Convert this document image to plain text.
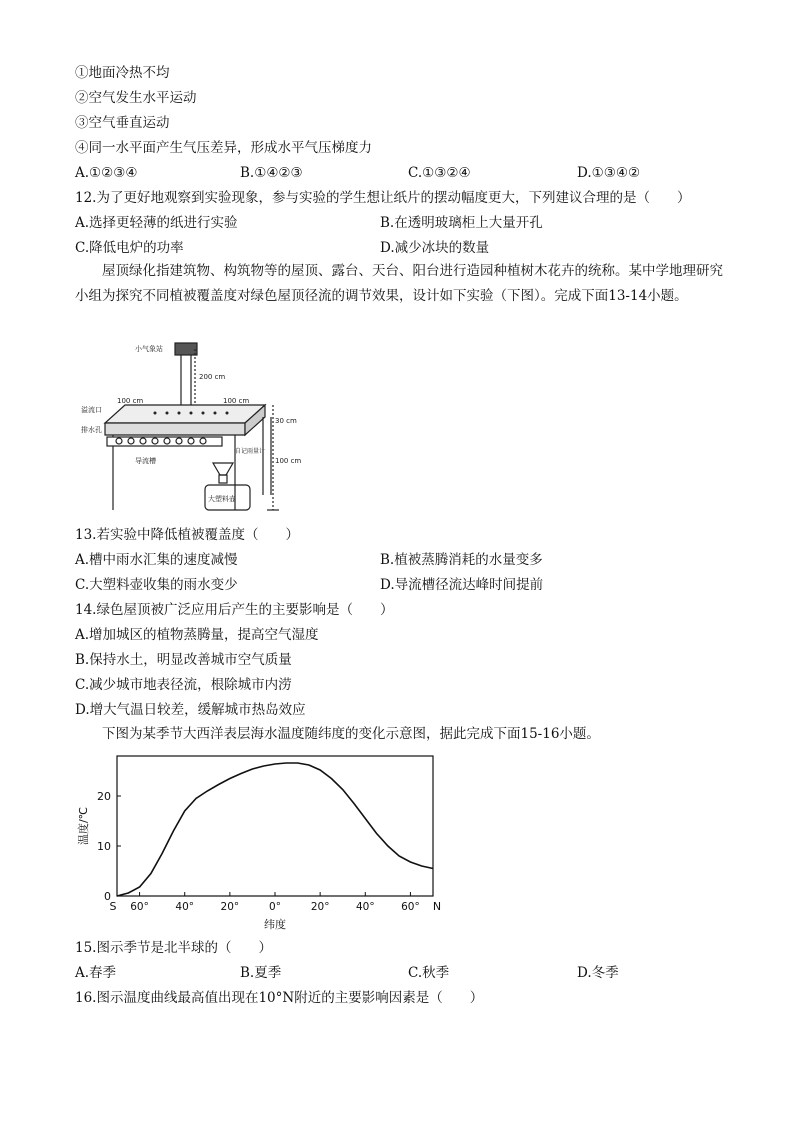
①地面冷热不均
②空气发生水平运动
③空气垂直运动
④同一水平面产生气压差异，形成水平气压梯度力
A.①②③④	B.①④②③	C.①③②④	D.①③④②
12.为了更好地观察到实验现象，参与实验的学生想让纸片的摆动幅度更大，下列建议合理的是（　　）
A.选择更轻薄的纸进行实验	B.在透明玻璃柜上大量开孔
C.降低电炉的功率	D.减少冰块的数量
屋顶绿化指建筑物、构筑物等的屋顶、露台、天台、阳台进行造园种植树木花卉的统称。某中学地理研究小组为探究不同植被覆盖度对绿色屋顶径流的调节效果，设计如下实验（下图）。完成下面13-14小题。
小气象站
200 cm
溢流口
100 cm	100 cm
30 cm
排水孔
导流槽	100 cm
自记雨量计
大塑料壶
13.若实验中降低植被覆盖度（　　）
A.槽中雨水汇集的速度减慢	B.植被蒸腾消耗的水量变多
C.大塑料壶收集的雨水变少	D.导流槽径流达峰时间提前
14.绿色屋顶被广泛应用后产生的主要影响是（　　）
A.增加城区的植物蒸腾量，提高空气湿度
B.保持水土，明显改善城市空气质量
C.减少城市地表径流，根除城市内涝
D.增大气温日较差，缓解城市热岛效应
下图为某季节大西洋表层海水温度随纬度的变化示意图，据此完成下面15-16小题。
0
10
20
60°	40°	20°	0°	20°	40°	60°
S	N
纬度
温度/℃
15.图示季节是北半球的（　　）
A.春季	B.夏季	C.秋季	D.冬季
16.图示温度曲线最高值出现在10°N附近的主要影响因素是（　　）
